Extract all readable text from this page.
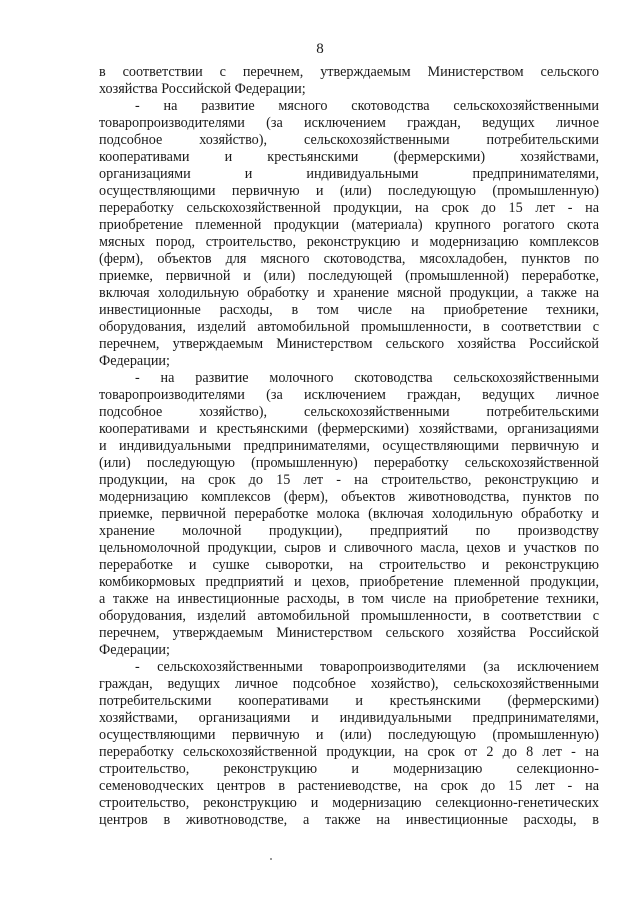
8
в соответствии с перечнем, утверждаемым Министерством сельского
хозяйства Российской Федерации;
- на развитие мясного скотоводства сельскохозяйственными
товаропроизводителями (за исключением граждан, ведущих личное
подсобное хозяйство), сельскохозяйственными потребительскими
кооперативами и крестьянскими (фермерскими) хозяйствами,
организациями и индивидуальными предпринимателями,
осуществляющими первичную и (или) последующую (промышленную)
переработку сельскохозяйственной продукции, на срок до 15 лет - на
приобретение племенной продукции (материала) крупного рогатого скота
мясных пород, строительство, реконструкцию и модернизацию комплексов
(ферм), объектов для мясного скотоводства, мясохладобен, пунктов по
приемке, первичной и (или) последующей (промышленной) переработке,
включая холодильную обработку и хранение мясной продукции, а также на
инвестиционные расходы, в том числе на приобретение техники,
оборудования, изделий автомобильной промышленности, в соответствии с
перечнем, утверждаемым Министерством сельского хозяйства Российской
Федерации;
- на развитие молочного скотоводства сельскохозяйственными
товаропроизводителями (за исключением граждан, ведущих личное
подсобное хозяйство), сельскохозяйственными потребительскими
кооперативами и крестьянскими (фермерскими) хозяйствами, организациями
и индивидуальными предпринимателями, осуществляющими первичную и
(или) последующую (промышленную) переработку сельскохозяйственной
продукции, на срок до 15 лет - на строительство, реконструкцию и
модернизацию комплексов (ферм), объектов животноводства, пунктов по
приемке, первичной переработке молока (включая холодильную обработку и
хранение молочной продукции), предприятий по производству
цельномолочной продукции, сыров и сливочного масла, цехов и участков по
переработке и сушке сыворотки, на строительство и реконструкцию
комбикормовых предприятий и цехов, приобретение племенной продукции,
а также на инвестиционные расходы, в том числе на приобретение техники,
оборудования, изделий автомобильной промышленности, в соответствии с
перечнем, утверждаемым Министерством сельского хозяйства Российской
Федерации;
- сельскохозяйственными товаропроизводителями (за исключением
граждан, ведущих личное подсобное хозяйство), сельскохозяйственными
потребительскими кооперативами и крестьянскими (фермерскими)
хозяйствами, организациями и индивидуальными предпринимателями,
осуществляющими первичную и (или) последующую (промышленную)
переработку сельскохозяйственной продукции, на срок от 2 до 8 лет - на
строительство, реконструкцию и модернизацию селекционно-
семеноводческих центров в растениеводстве, на срок до 15 лет - на
строительство, реконструкцию и модернизацию селекционно-генетических
центров в животноводстве, а также на инвестиционные расходы, в
